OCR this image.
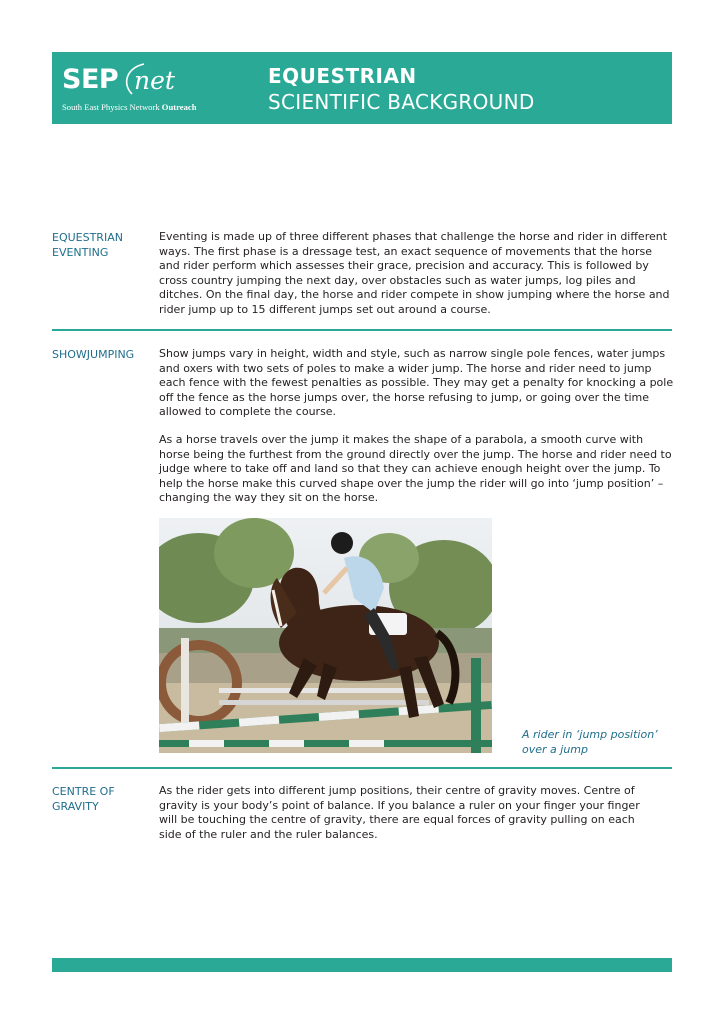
SEP net
South East Physics Network Outreach
EQUESTRIAN
SCIENTIFIC BACKGROUND
EQUESTRIAN
EVENTING

Eventing is made up of three different phases that challenge the horse and rider in different ways. The first phase is a dressage test, an exact sequence of movements that the horse and rider perform which assesses their grace, precision and accuracy. This is followed by cross country jumping the next day, over obstacles such as water jumps, log piles and ditches. On the final day, the horse and rider compete in show jumping where the horse and rider jump up to 15 different jumps set out around a course.

SHOWJUMPING Show jumps vary in height, width and style, such as narrow single pole fences, water jumps and oxers with two sets of poles to make a wider jump. The horse and rider need to jump each fence with the fewest penalties as possible. They may get a penalty for knocking a pole off the fence as the horse jumps over, the horse refusing to jump, or going over the time allowed to complete the course.

As a horse travels over the jump it makes the shape of a parabola, a smooth curve with horse being the furthest from the ground directly over the jump. The horse and rider need to judge where to take off and land so that they can achieve enough height over the jump. To help the horse make this curved shape over the jump the rider will go into ‘jump position’ – changing the way they sit on the horse.

A rider in ‘jump position’ over a jump
CENTRE OF
GRAVITY

As the rider gets into different jump positions, their centre of gravity moves. Centre of gravity is your body’s point of balance. If you balance a ruler on your finger your finger will be touching the centre of gravity, there are equal forces of gravity pulling on each side of the ruler and the ruler balances.
